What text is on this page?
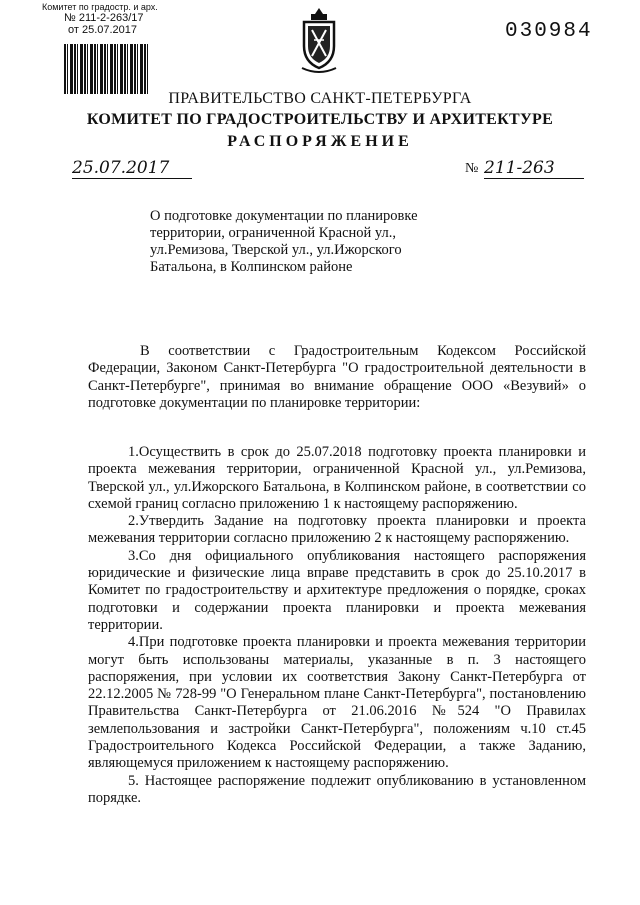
Комитет по градостр. и арх.
№ 211-2-263/17
от 25.07.2017	030984
ПРАВИТЕЛЬСТВО САНКТ-ПЕТЕРБУРГА
КОМИТЕТ ПО ГРАДОСТРОИТЕЛЬСТВУ И АРХИТЕКТУРЕ
РАСПОРЯЖЕНИЕ
25.07.2017	№ 211-263
О подготовке документации по планировке
территории, ограниченной Красной ул.,
ул.Ремизова, Тверской ул., ул.Ижорского
Батальона, в Колпинском районе

В соответствии с Градостроительным Кодексом Российской Федерации, Законом Санкт-Петербурга "О градостроительной деятельности в Санкт-Петербурге", принимая во внимание обращение ООО «Везувий» о подготовке документации по планировке территории:

1.Осуществить в срок до 25.07.2018 подготовку проекта планировки и проекта межевания территории, ограниченной Красной ул., ул.Ремизова, Тверской ул., ул.Ижорского Батальона, в Колпинском районе, в соответствии со схемой границ согласно приложению 1 к настоящему распоряжению.

2.Утвердить Задание на подготовку проекта планировки и проекта межевания территории согласно приложению 2 к настоящему распоряжению.

3.Со дня официального опубликования настоящего распоряжения юридические и физические лица вправе представить в срок до 25.10.2017 в Комитет по градостроительству и архитектуре предложения о порядке, сроках подготовки и содержании проекта планировки и проекта межевания территории.

4.При подготовке проекта планировки и проекта межевания территории могут быть использованы материалы, указанные в п. 3 настоящего распоряжения, при условии их соответствия Закону Санкт-Петербурга от 22.12.2005 № 728-99 "О Генеральном плане Санкт-Петербурга", постановлению Правительства Санкт-Петербурга от 21.06.2016 №524 "О Правилах землепользования и застройки Санкт-Петербурга", положениям ч.10 ст.45 Градостроительного Кодекса Российской Федерации, а также Заданию, являющемуся приложением к настоящему распоряжению.

5. Настоящее распоряжение подлежит опубликованию в установленном порядке.
